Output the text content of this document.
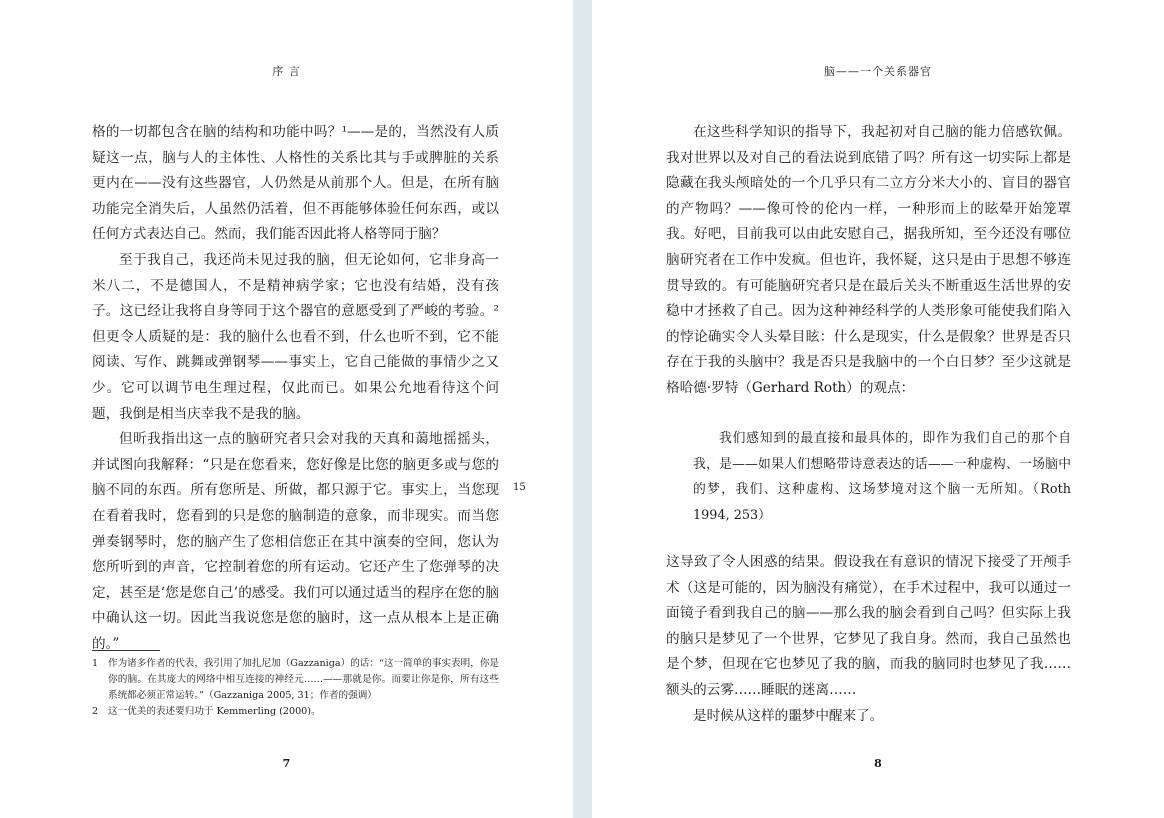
序 言

格的一切都包含在脑的结构和功能中吗？¹——是的，当然没有人质疑这一点，脑与人的主体性、人格性的关系比其与手或脾脏的关系更内在——没有这些器官，人仍然是从前那个人。但是，在所有脑功能完全消失后，人虽然仍活着，但不再能够体验任何东西，或以任何方式表达自己。然而，我们能否因此将人格等同于脑？

至于我自己，我还尚未见过我的脑，但无论如何，它非身高一米八二，不是德国人，不是精神病学家；它也没有结婚，没有孩子。这已经让我将自身等同于这个器官的意愿受到了严峻的考验。² 但更令人质疑的是：我的脑什么也看不到，什么也听不到，它不能阅读、写作、跳舞或弹钢琴——事实上，它自己能做的事情少之又少。它可以调节电生理过程，仅此而已。如果公允地看待这个问题，我倒是相当庆幸我不是我的脑。

但昕我指出这一点的脑研究者只会对我的天真和蔼地摇摇头，并试图向我解释：“只是在您看来，您好像是比您的脑更多或与您的脑不同的东西。所有您所是、所做，都只源于它。事实上，当您现在看着我时，您看到的只是您的脑制造的意象，而非现实。而当您弹奏钢琴时，您的脑产生了您相信您正在其中演奏的空间，您认为您所听到的声音，它控制着您的所有运动。它还产生了您弹琴的决定，甚至是‘您是您自己’的感受。我们可以通过适当的程序在您的脑中确认这一切。因此当我说您是您的脑时，这一点从根本上是正确的。”

1	作为诸多作者的代表，我引用了加扎尼加（Gazzaniga）的话：“这一简单的事实表明，你是你的脑。在其庞大的网络中相互连接的神经元……——那就是你。而要让你是你，所有这些系统都必须正常运转。”（Gazzaniga 2005, 31；作者的强调）
2	这一优美的表述要归功于 Kemmerling (2000)。
15
7
脑——一个关系器官

在这些科学知识的指导下，我起初对自己脑的能力倍感钦佩。我对世界以及对自己的看法说到底错了吗？所有这一切实际上都是隐藏在我头颅暗处的一个几乎只有二立方分米大小的、盲目的器官的产物吗？——像可怜的伦内一样，一种形而上的眩晕开始笼罩我。好吧，目前我可以由此安慰自己，据我所知，至今还没有哪位脑研究者在工作中发疯。但也许，我怀疑，这只是由于思想不够连贯导致的。有可能脑研究者只是在最后关头不断重返生活世界的安稳中才拯救了自己。因为这种神经科学的人类形象可能使我们陷入的悖论确实令人头晕目眩：什么是现实，什么是假象？世界是否只存在于我的头脑中？我是否只是我脑中的一个白日梦？至少这就是格哈德·罗特（Gerhard Roth）的观点：

我们感知到的最直接和最具体的，即作为我们自己的那个自我，是——如果人们想略带诗意表达的话——一种虚构、一场脑中的梦，我们、这种虚构、这场梦境对这个脑一无所知。（Roth 1994, 253）

这导致了令人困惑的结果。假设我在有意识的情况下接受了开颅手术（这是可能的，因为脑没有痛觉），在手术过程中，我可以通过一面镜子看到我自己的脑——那么我的脑会看到自己吗？但实际上我的脑只是梦见了一个世界，它梦见了我自身。然而，我自己虽然也是个梦，但现在它也梦见了我的脑，而我的脑同时也梦见了我……额头的云雾……睡眠的迷离……

是时候从这样的噩梦中醒来了。

8
